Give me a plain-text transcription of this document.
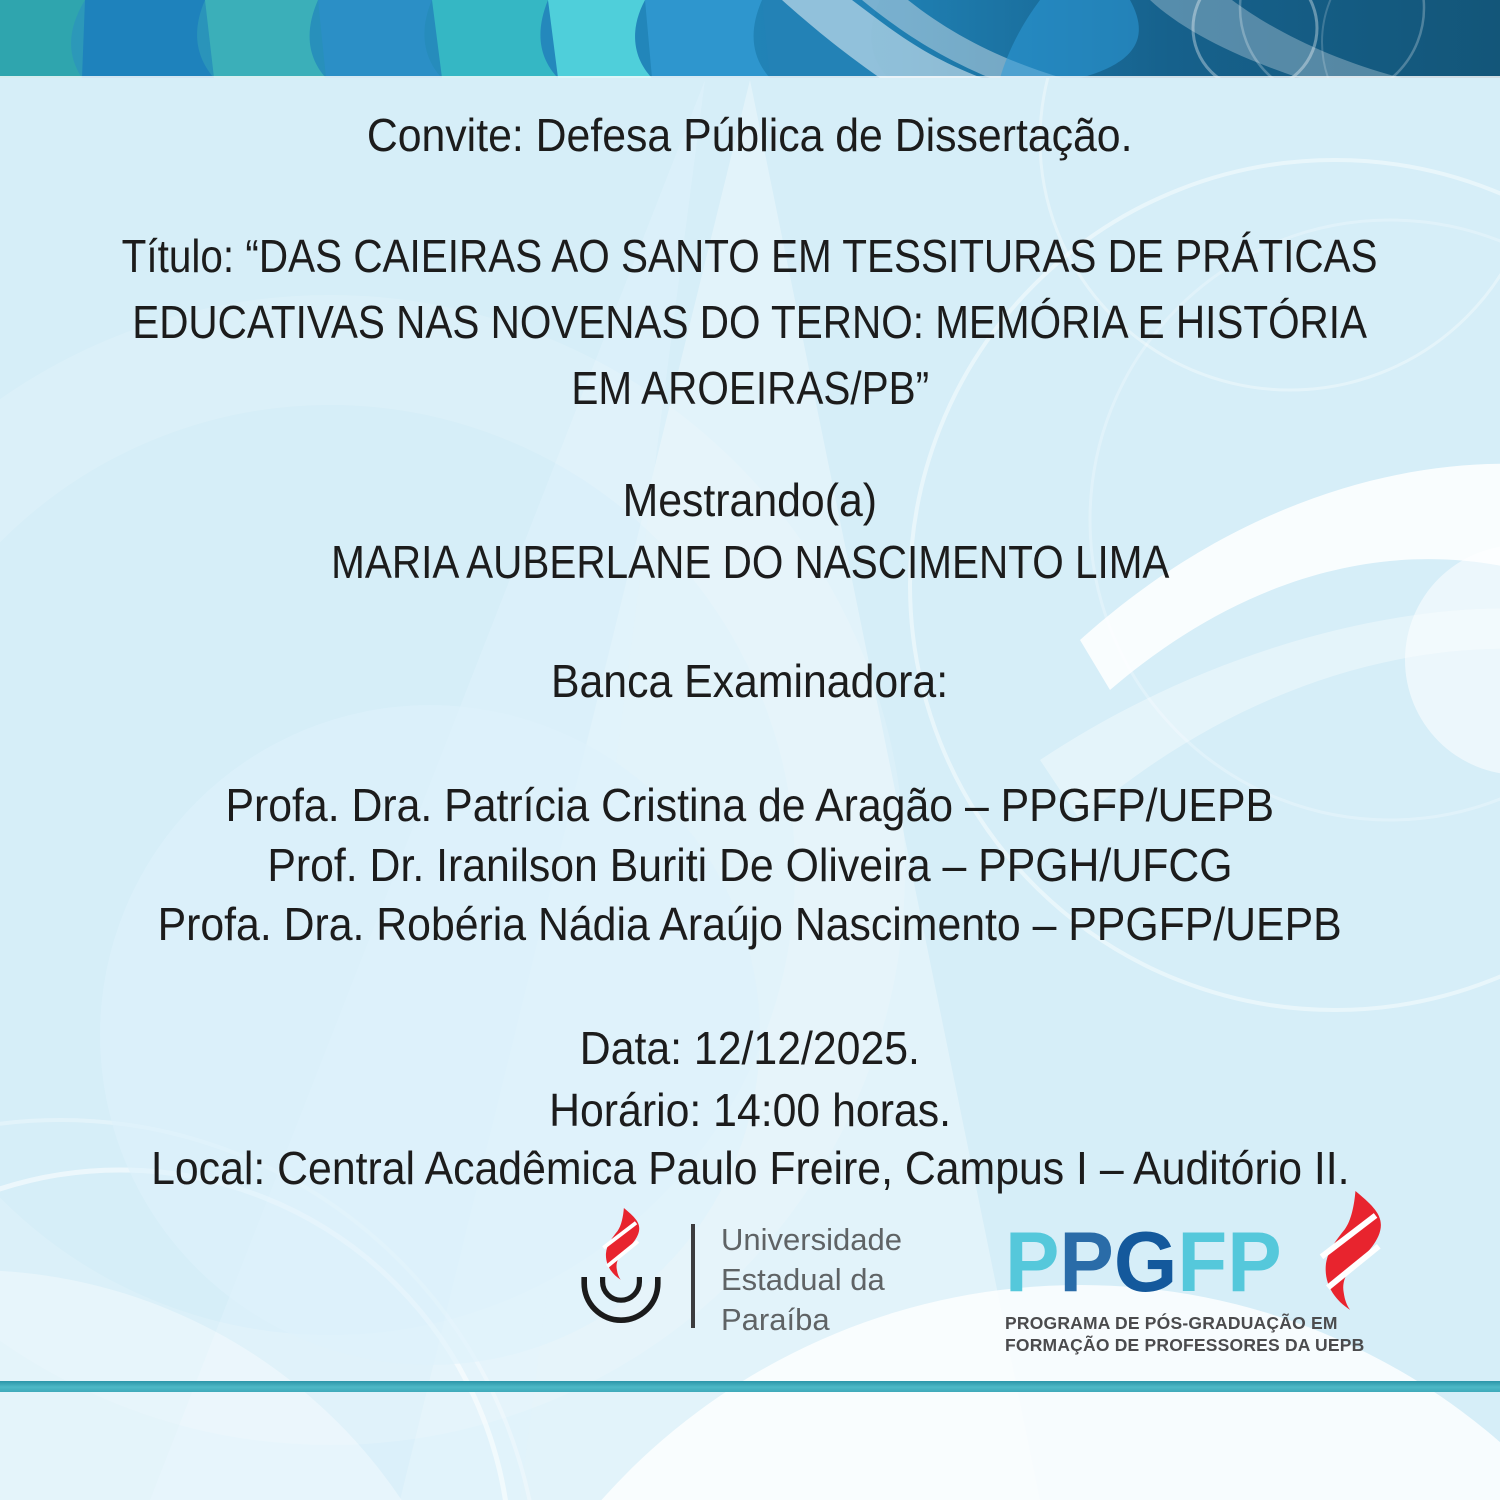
Convite: Defesa Pública de Dissertação.
Título: “DAS CAIEIRAS AO SANTO EM TESSITURAS DE PRÁTICAS
EDUCATIVAS NAS NOVENAS DO TERNO: MEMÓRIA E HISTÓRIA
EM AROEIRAS/PB”
Mestrando(a)
MARIA AUBERLANE DO NASCIMENTO LIMA
Banca Examinadora:
Profa. Dra. Patrícia Cristina de Aragão – PPGFP/UEPB
Prof. Dr. Iranilson Buriti De Oliveira – PPGH/UFCG
Profa. Dra. Robéria Nádia Araújo Nascimento – PPGFP/UEPB
Data: 12/12/2025.
Horário: 14:00 horas.
Local: Central Acadêmica Paulo Freire, Campus I – Auditório II.
Universidade
Estadual da
Paraíba
PPGFP
PROGRAMA DE PÓS-GRADUAÇÃO EM
FORMAÇÃO DE PROFESSORES DA UEPB
